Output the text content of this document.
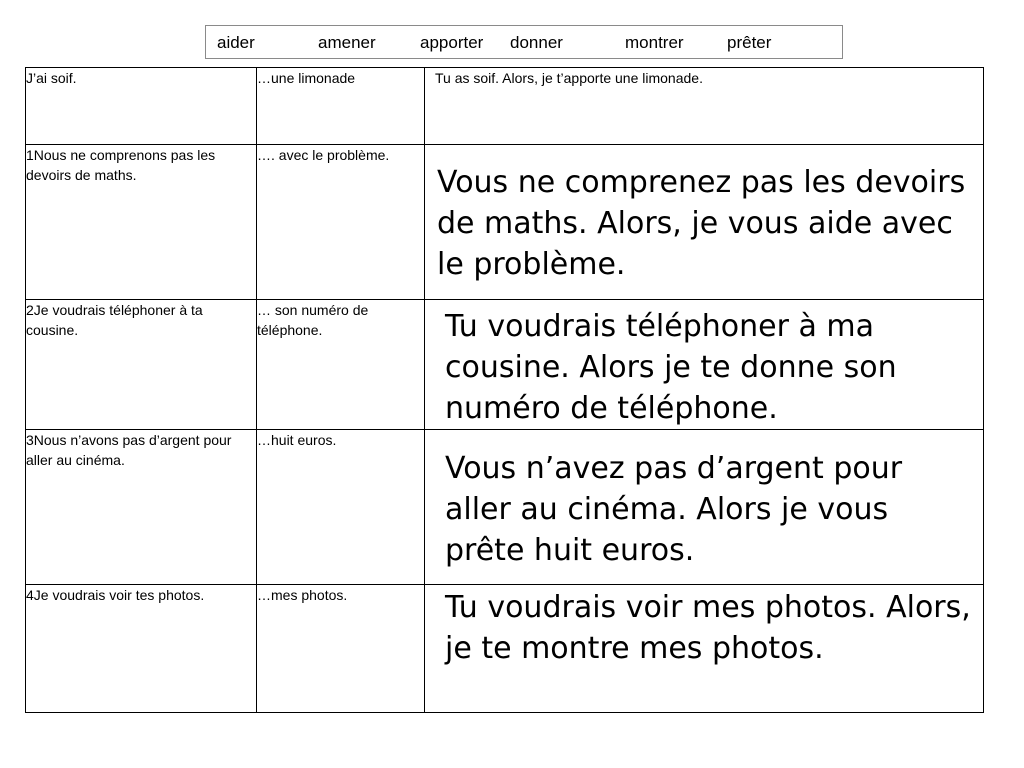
aider	amener	apporter donner	montrer	prêter
J’ai soif.	…une limonade	Tu as soif. Alors, je t’apporte une limonade.
1Nous ne comprenons pas les devoirs de maths.	…. avec le problème.	Vous ne comprenez pas les devoirs de maths. Alors, je vous aide avec le problème.
2Je voudrais téléphoner à ta cousine.	… son numéro de téléphone.	Tu voudrais téléphoner à ma cousine. Alors je te donne son numéro de téléphone.
3Nous n’avons pas d’argent pour aller au cinéma.	…huit euros.	Vous n’avez pas d’argent pour aller au cinéma. Alors je vous prête huit euros.
4Je voudrais voir tes photos.	…mes photos.	Tu voudrais voir mes photos. Alors, je te montre mes photos.
